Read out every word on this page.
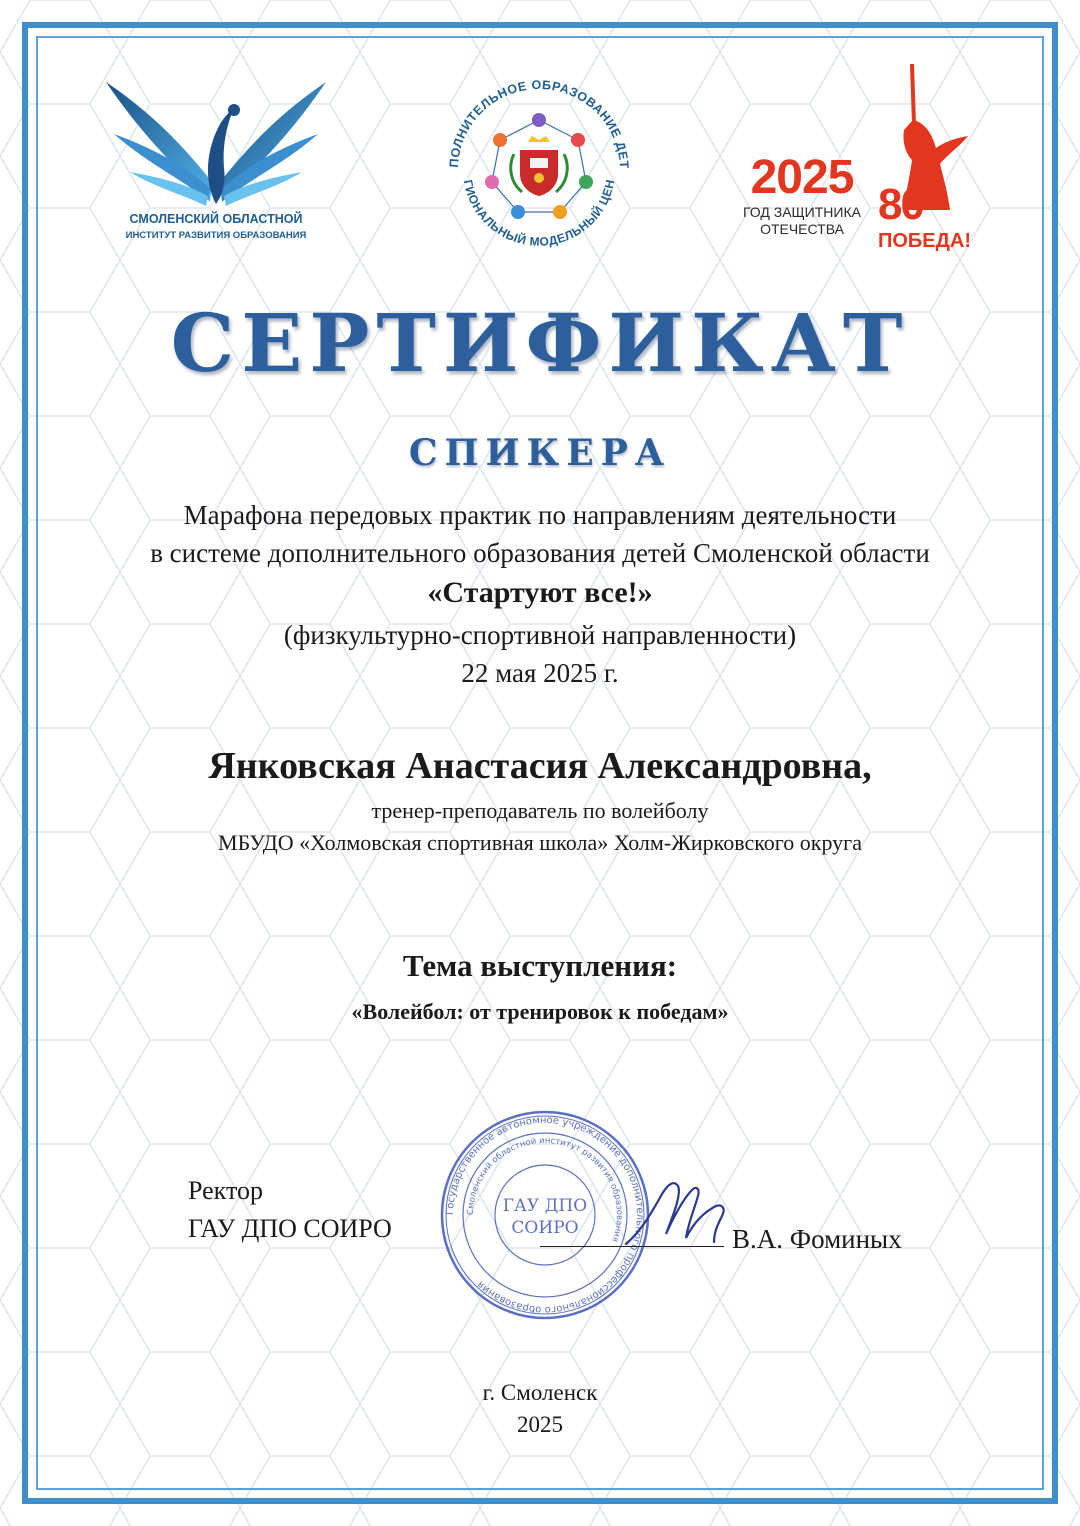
СМОЛЕНСКИЙ ОБЛАСТНОЙ
ИНСТИТУТ РАЗВИТИЯ ОБРАЗОВАНИЯ
ПОЛНИТЕЛЬНОЕ ОБРАЗОВАНИЕ ДЕТ
ГИОНАЛЬНЫЙ МОДЕЛЬНЫЙ ЦЕН	2025
ГОД ЗАЩИТНИКА
ОТЕЧЕСТВА 80
ПОБЕДА!
СЕРТИФИКАТ
СПИКЕРА
Марафона передовых практик по направлениям деятельности
в системе дополнительного образования детей Смоленской области
«Стартуют все!»
(физкультурно-спортивной направленности)
22 мая 2025 г.
Янковская Анастасия Александровна,
тренер-преподаватель по волейболу
МБУДО «Холмовская спортивная школа» Холм-Жирковского округа
Тема выступления:
«Волейбол: от тренировок к победам»
Ректор
ГАУ ДПО СОИРО
Государственное автономное учреждение дополнительного профессионального образования
Смоленский областной институт развития образования
ГАУ ДПО
СОИРО	В.А. Фоминых
г. Смоленск
2025
